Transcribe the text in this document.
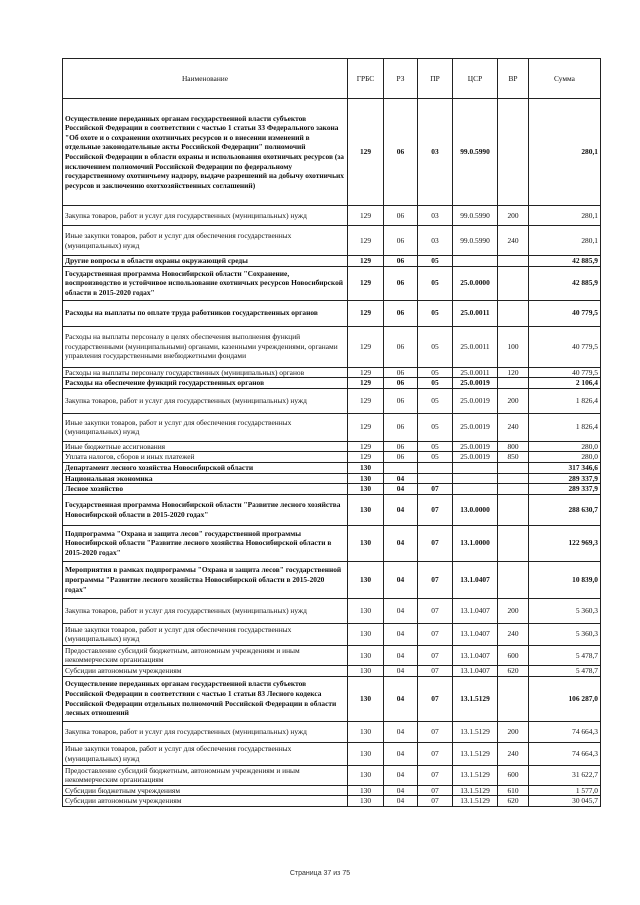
Наименование	ГРБС	РЗ	ПР	ЦСР	ВР	Сумма
Осуществление переданных органам государственной власти субъектов Российской Федерации в соответствии с частью 1 статьи 33 Федерального закона "Об охоте и о сохранении охотничьих ресурсов и о внесении изменений в отдельные законодательные акты Российской Федерации" полномочий Российской Федерации в области охраны и использования охотничьих ресурсов (за исключением полномочий Российской Федерации по федеральному государственному охотничьему надзору, выдаче разрешений на добычу охотничьих ресурсов и заключению охотхозяйственных соглашений)	129	06	03	99.0.5990		280,1
Закупка товаров, работ и услуг для государственных (муниципальных) нужд	129	06	03	99.0.5990	200	280,1
Иные закупки товаров, работ и услуг для обеспечения государственных (муниципальных) нужд	129	06	03	99.0.5990	240	280,1
Другие вопросы в области охраны окружающей среды	129	06	05			42 885,9
Государственная программа Новосибирской области "Сохранение, воспроизводство и устойчивое использование охотничьих ресурсов Новосибирской области в 2015-2020 годах"	129	06	05	25.0.0000		42 885,9
Расходы на выплаты по оплате труда работников государственных органов	129	06	05	25.0.0011		40 779,5
Расходы на выплаты персоналу в целях обеспечения выполнения функций государственными (муниципальными) органами, казенными учреждениями, органами управления государственными внебюджетными фондами	129	06	05	25.0.0011	100	40 779,5
Расходы на выплаты персоналу государственных (муниципальных) органов	129	06	05	25.0.0011	120	40 779,5
Расходы на обеспечение функций государственных органов	129	06	05	25.0.0019		2 106,4
Закупка товаров, работ и услуг для государственных (муниципальных) нужд	129	06	05	25.0.0019	200	1 826,4
Иные закупки товаров, работ и услуг для обеспечения государственных (муниципальных) нужд	129	06	05	25.0.0019	240	1 826,4
Иные бюджетные ассигнования	129	06	05	25.0.0019	800	280,0
Уплата налогов, сборов и иных платежей	129	06	05	25.0.0019	850	280,0
Департамент лесного хозяйства Новосибирской области	130					317 346,6
Национальная экономика	130	04				289 337,9
Лесное хозяйство	130	04	07			289 337,9
Государственная программа Новосибирской области "Развитие лесного хозяйства Новосибирской области в 2015-2020 годах"	130	04	07	13.0.0000		288 630,7
Подпрограмма "Охрана и защита лесов" государственной программы Новосибирской области "Развитие лесного хозяйства Новосибирской области в 2015-2020 годах"	130	04	07	13.1.0000		122 969,3
Мероприятия в рамках подпрограммы "Охрана и защита лесов" государственной программы "Развитие лесного хозяйства Новосибирской области в 2015-2020 годах"	130	04	07	13.1.0407		10 839,0
Закупка товаров, работ и услуг для государственных (муниципальных) нужд	130	04	07	13.1.0407	200	5 360,3
Иные закупки товаров, работ и услуг для обеспечения государственных (муниципальных) нужд	130	04	07	13.1.0407	240	5 360,3
Предоставление субсидий бюджетным, автономным учреждениям и иным некоммерческим организациям	130	04	07	13.1.0407	600	5 478,7
Субсидии автономным учреждениям	130	04	07	13.1.0407	620	5 478,7
Осуществление переданных органам государственной власти субъектов Российской Федерации в соответствии с частью 1 статьи 83 Лесного кодекса Российской Федерации отдельных полномочий Российской Федерации в области лесных отношений	130	04	07	13.1.5129		106 287,0
Закупка товаров, работ и услуг для государственных (муниципальных) нужд	130	04	07	13.1.5129	200	74 664,3
Иные закупки товаров, работ и услуг для обеспечения государственных (муниципальных) нужд	130	04	07	13.1.5129	240	74 664,3
Предоставление субсидий бюджетным, автономным учреждениям и иным некоммерческим организациям	130	04	07	13.1.5129	600	31 622,7
Субсидии бюджетным учреждениям	130	04	07	13.1.5129	610	1 577,0
Субсидии автономным учреждениям	130	04	07	13.1.5129	620	30 045,7
Страница 37 из 75
